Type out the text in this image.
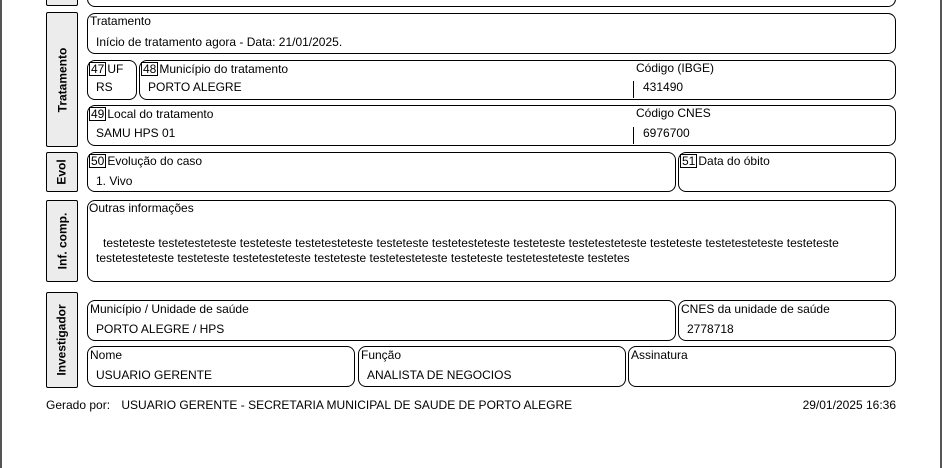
Tratamento
Tratamento
Início de tratamento agora - Data: 21/01/2025.
47 UF
RS
48 Município do tratamento
PORTO ALEGRE
Código (IBGE)
431490
49 Local do tratamento
SAMU HPS 01
Código CNES
6976700
Evol 50 Evolução do caso
1. Vivo
51 Data do óbito
Inf. comp.
Outras informações
testeteste testetesteteste testeteste testetesteteste testeteste testetesteteste testeteste testetesteteste testeteste testetesteteste testeteste testetesteteste testeteste testetesteteste testeteste testetesteteste testeteste testetesteteste testetes
Investigador Município / Unidade de saúde
PORTO ALEGRE / HPS
CNES da unidade de saúde
2778718
Nome
USUARIO GERENTE
Função
ANALISTA DE NEGOCIOS
Assinatura
Gerado por: USUARIO GERENTE - SECRETARIA MUNICIPAL DE SAUDE DE PORTO ALEGRE	29/01/2025 16:36
